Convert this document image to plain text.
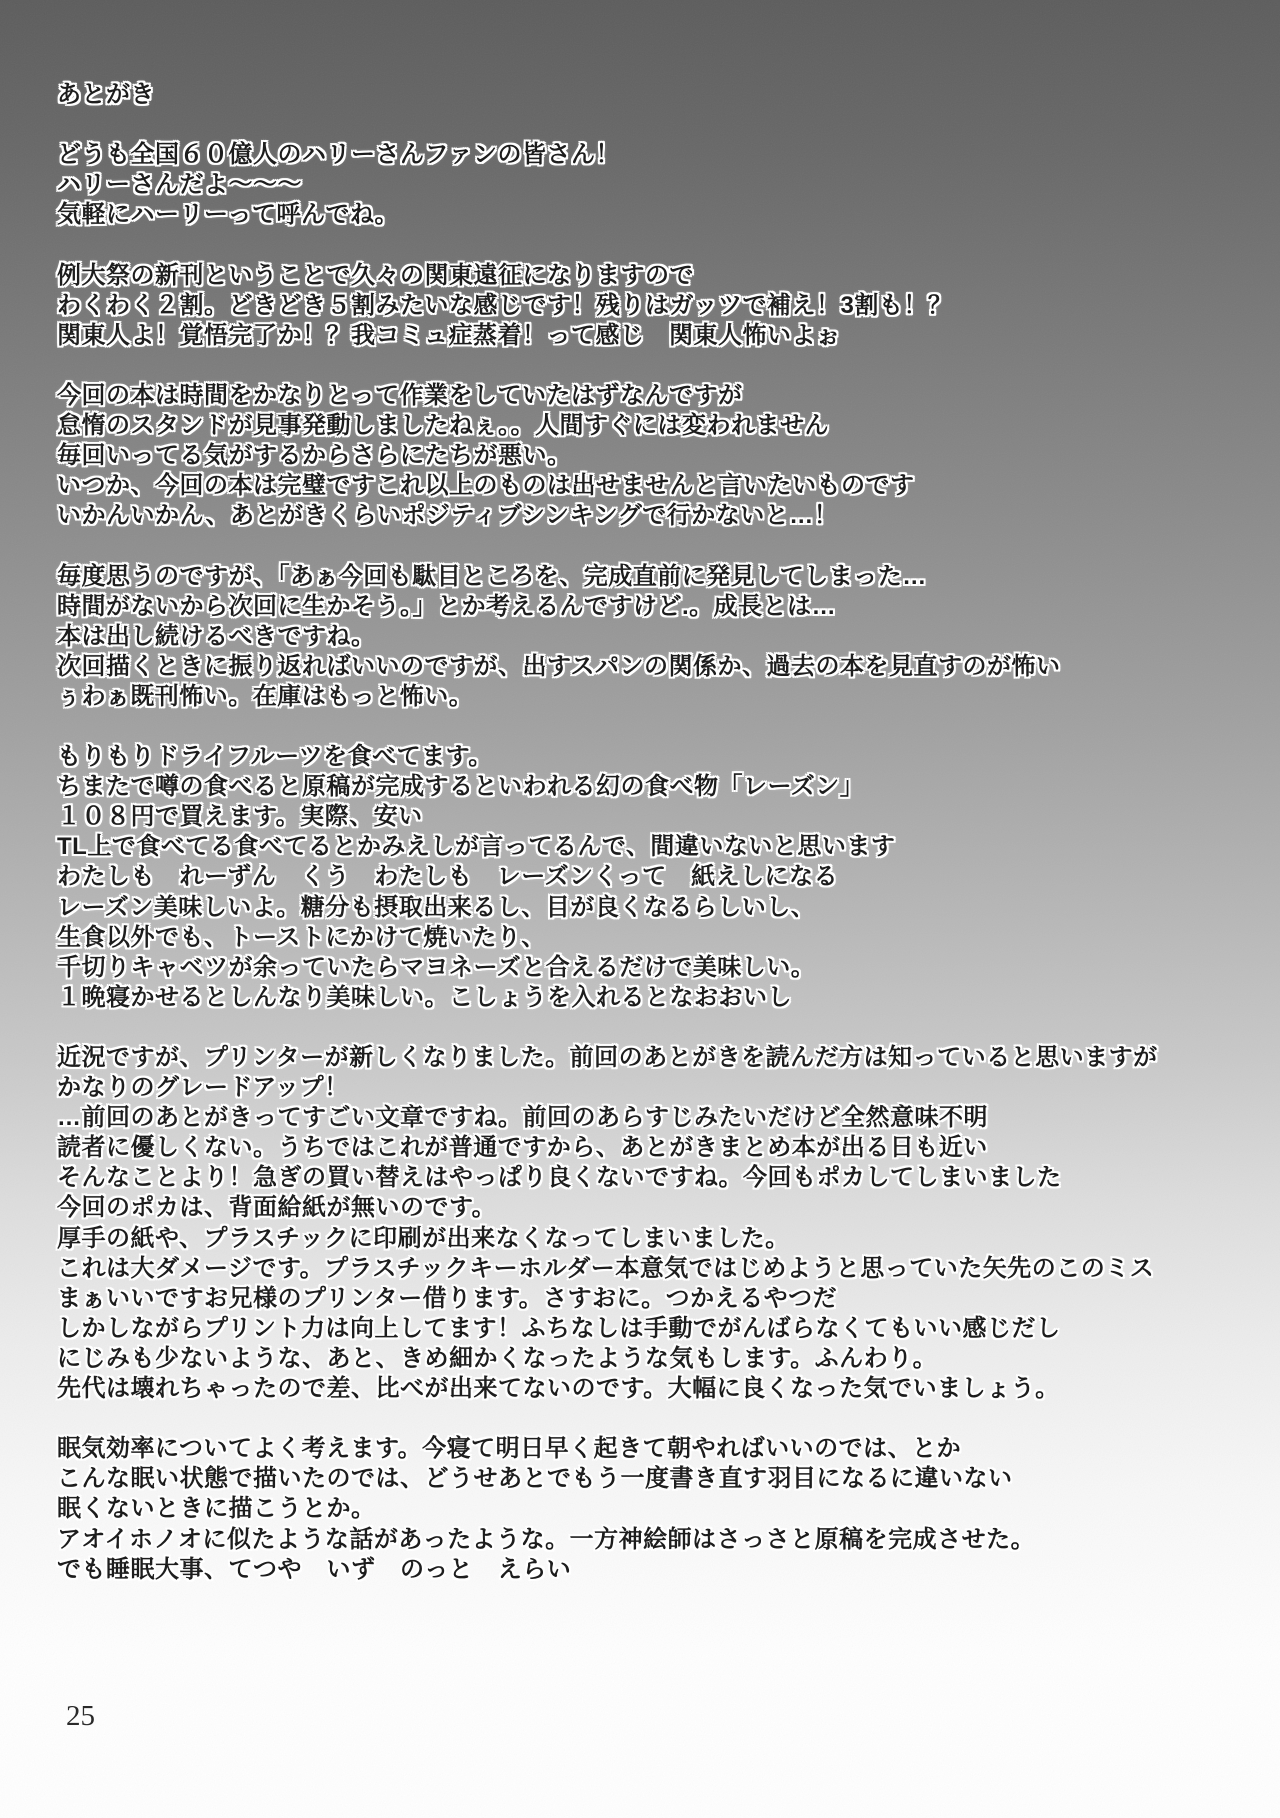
あとがき
どうも全国６０億人のハリーさんファンの皆さん！
ハリーさんだよ～～～
気軽にハーリーって呼んでね。
例大祭の新刊ということで久々の関東遠征になりますので
わくわく２割。どきどき５割みたいな感じです！残りはガッツで補え！3割も！？
関東人よ！覚悟完了か！？我コミュ症蒸着！って感じ　関東人怖いよぉ
今回の本は時間をかなりとって作業をしていたはずなんですが
怠惰のスタンドが見事発動しましたねぇ。。人間すぐには変われません
毎回いってる気がするからさらにたちが悪い。
いつか、今回の本は完璧ですこれ以上のものは出せませんと言いたいものです
いかんいかん、あとがきくらいポジティブシンキングで行かないと…！
毎度思うのですが、「あぁ今回も駄目ところを、完成直前に発見してしまった…
時間がないから次回に生かそう。」とか考えるんですけど.。成長とは…
本は出し続けるべきですね。
次回描くときに振り返ればいいのですが、出すスパンの関係か、過去の本を見直すのが怖い
ぅわぁ既刊怖い。在庫はもっと怖い。
もりもりドライフルーツを食べてます。
ちまたで噂の食べると原稿が完成するといわれる幻の食べ物「レーズン」
１０８円で買えます。実際、安い
TL上で食べてる食べてるとかみえしが言ってるんで、間違いないと思います
わたしも　れーずん　くう　わたしも　レーズンくって　紙えしになる
レーズン美味しいよ。糖分も摂取出来るし、目が良くなるらしいし、
生食以外でも、トーストにかけて焼いたり、
千切りキャベツが余っていたらマヨネーズと合えるだけで美味しい。
１晩寝かせるとしんなり美味しい。こしょうを入れるとなおおいし
近況ですが、プリンターが新しくなりました。前回のあとがきを読んだ方は知っていると思いますが
かなりのグレードアップ！
…前回のあとがきってすごい文章ですね。前回のあらすじみたいだけど全然意味不明
読者に優しくない。うちではこれが普通ですから、あとがきまとめ本が出る日も近い
そんなことより！急ぎの買い替えはやっぱり良くないですね。今回もポカしてしまいました
今回のポカは、背面給紙が無いのです。
厚手の紙や、プラスチックに印刷が出来なくなってしまいました。
これは大ダメージです。プラスチックキーホルダー本意気ではじめようと思っていた矢先のこのミス
まぁいいですお兄様のプリンター借ります。さすおに。つかえるやつだ
しかしながらプリント力は向上してます！ふちなしは手動でがんばらなくてもいい感じだし
にじみも少ないような、あと、きめ細かくなったような気もします。ふんわり。
先代は壊れちゃったので差、比べが出来てないのです。大幅に良くなった気でいましょう。
眠気効率についてよく考えます。今寝て明日早く起きて朝やればいいのでは、とか
こんな眠い状態で描いたのでは、どうせあとでもう一度書き直す羽目になるに違いない
眠くないときに描こうとか。
アオイホノオに似たような話があったような。一方神絵師はさっさと原稿を完成させた。
でも睡眠大事、てつや　いず　のっと　えらい
25
